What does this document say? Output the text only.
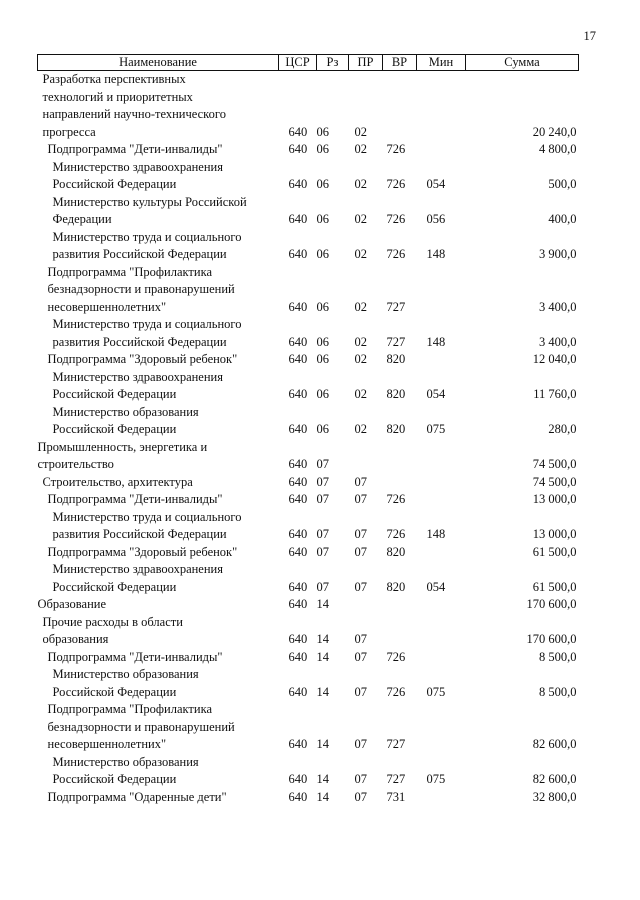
17
Наименование	ЦСР	Рз	ПР	ВР	Мин	Сумма

Разработка перспективных
технологий и приоритетных
направлений научно-технического
прогресса	640	06	02			20 240,0

Подпрограмма "Дети-инвалиды"	640	06	02	726		4 800,0

Министерство здравоохранения
Российской Федерации	640	06	02	726	054	500,0

Министерство культуры Российской
Федерации	640	06	02	726	056	400,0

Министерство труда и социального
развития Российской Федерации	640	06	02	726	148	3 900,0

Подпрограмма "Профилактика
безнадзорности и правонарушений
несовершеннолетних"	640	06	02	727		3 400,0

Министерство труда и социального
развития Российской Федерации	640	06	02	727	148	3 400,0

Подпрограмма "Здоровый ребенок"	640	06	02	820		12 040,0

Министерство здравоохранения
Российской Федерации	640	06	02	820	054	11 760,0

Министерство образования
Российской Федерации	640	06	02	820	075	280,0

Промышленность, энергетика и
строительство	640	07				74 500,0

Строительство, архитектура	640	07	07			74 500,0

Подпрограмма "Дети-инвалиды"	640	07	07	726		13 000,0

Министерство труда и социального
развития Российской Федерации	640	07	07	726	148	13 000,0

Подпрограмма "Здоровый ребенок"	640	07	07	820		61 500,0

Министерство здравоохранения
Российской Федерации	640	07	07	820	054	61 500,0

Образование	640	14				170 600,0

Прочие расходы в области
образования	640	14	07			170 600,0

Подпрограмма "Дети-инвалиды"	640	14	07	726		8 500,0

Министерство образования
Российской Федерации	640	14	07	726	075	8 500,0

Подпрограмма "Профилактика
безнадзорности и правонарушений
несовершеннолетних"	640	14	07	727		82 600,0

Министерство образования
Российской Федерации	640	14	07	727	075	82 600,0

Подпрограмма "Одаренные дети"	640	14	07	731		32 800,0
